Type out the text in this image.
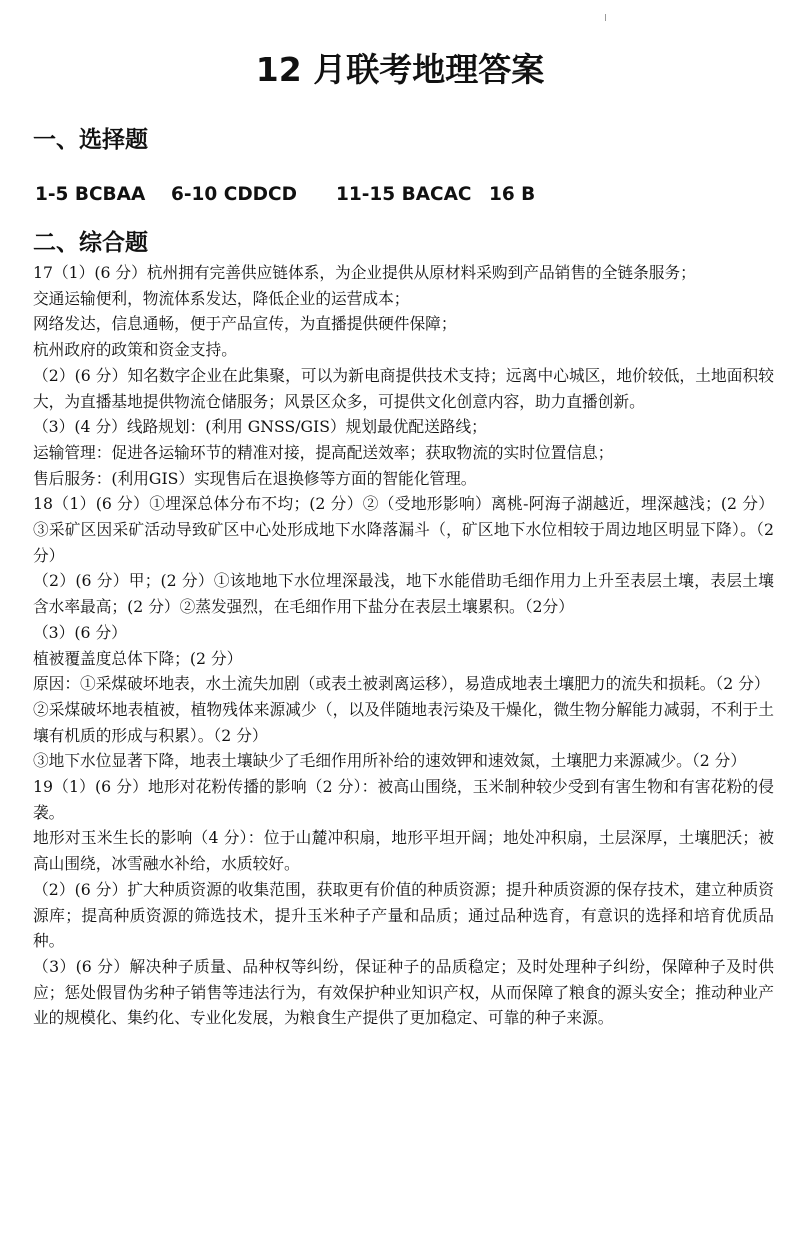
12 月联考地理答案
一、选择题
1-5 BCBAA	6-10 CDDCD	11-15 BACAC 16 B
二、综合题

17（1）(6 分）杭州拥有完善供应链体系，为企业提供从原材料采购到产品销售的全链条服务；

交通运输便利，物流体系发达，降低企业的运营成本；

网络发达，信息通畅，便于产品宣传，为直播提供硬件保障；

杭州政府的政策和资金支持。

（2）(6 分）知名数字企业在此集聚，可以为新电商提供技术支持；远离中心城区，地价较低，土地面积较大，为直播基地提供物流仓储服务；风景区众多，可提供文化创意内容，助力直播创新。

（3）(4 分）线路规划：(利用 GNSS/GIS）规划最优配送路线；

运输管理：促进各运输环节的精准对接，提高配送效率；获取物流的实时位置信息；

售后服务：(利用GIS）实现售后在退换修等方面的智能化管理。

18（1）(6 分）①埋深总体分布不均；(2 分）②（受地形影响）离桃-阿海子湖越近，埋深越浅；(2 分）③采矿区因采矿活动导致矿区中心处形成地下水降落漏斗（，矿区地下水位相较于周边地区明显下降）。（2 分）

（2）(6 分）甲；(2 分）①该地地下水位埋深最浅，地下水能借助毛细作用力上升至表层土壤，表层土壤含水率最高；(2 分）②蒸发强烈，在毛细作用下盐分在表层土壤累积。（2分）

（3）(6 分）

植被覆盖度总体下降；(2 分）

原因：①采煤破坏地表，水土流失加剧（或表土被剥离运移），易造成地表土壤肥力的流失和损耗。（2 分）

②采煤破坏地表植被，植物残体来源减少（，以及伴随地表污染及干燥化，微生物分解能力减弱，不利于土壤有机质的形成与积累）。（2 分）

③地下水位显著下降，地表土壤缺少了毛细作用所补给的速效钾和速效氮，土壤肥力来源减少。（2 分）

19（1）(6 分）地形对花粉传播的影响（2 分）：被高山围绕，玉米制种较少受到有害生物和有害花粉的侵袭。

地形对玉米生长的影响（4 分）：位于山麓冲积扇，地形平坦开阔；地处冲积扇，土层深厚，土壤肥沃；被高山围绕，冰雪融水补给，水质较好。

（2）(6 分）扩大种质资源的收集范围，获取更有价值的种质资源；提升种质资源的保存技术，建立种质资源库；提高种质资源的筛选技术，提升玉米种子产量和品质；通过品种选育，有意识的选择和培育优质品种。

（3）(6 分）解决种子质量、品种权等纠纷，保证种子的品质稳定；及时处理种子纠纷，保障种子及时供应；惩处假冒伪劣种子销售等违法行为，有效保护种业知识产权，从而保障了粮食的源头安全；推动种业产业的规模化、集约化、专业化发展，为粮食生产提供了更加稳定、可靠的种子来源。
